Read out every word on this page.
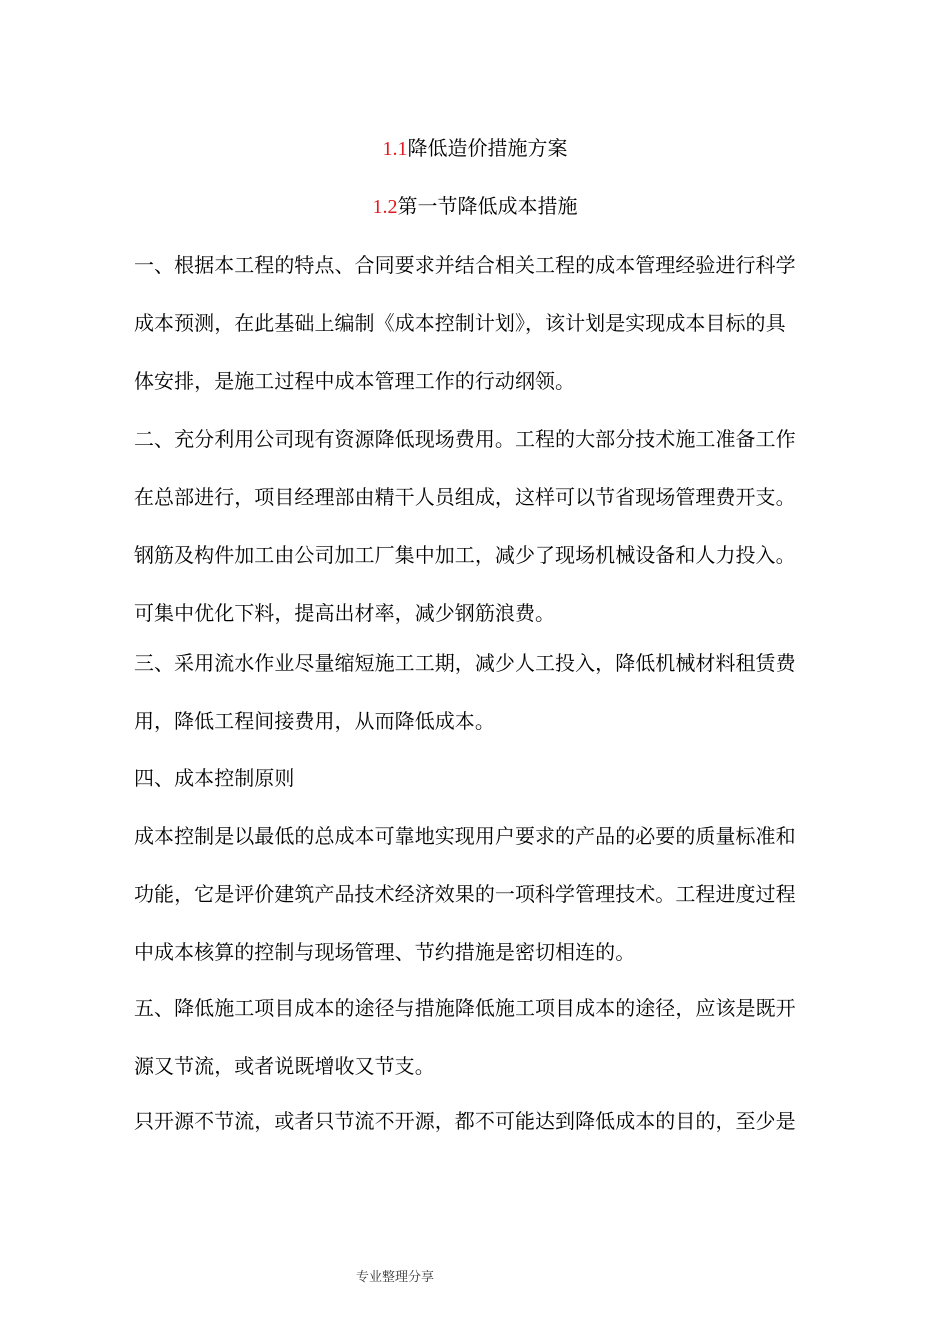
1.1降低造价措施方案
1.2第一节降低成本措施

一、根据本工程的特点、合同要求并结合相关工程的成本管理经验进行科学
成本预测，在此基础上编制《成本控制计划》，该计划是实现成本目标的具
体安排，是施工过程中成本管理工作的行动纲领。

二、充分利用公司现有资源降低现场费用。工程的大部分技术施工准备工作
在总部进行，项目经理部由精干人员组成，这样可以节省现场管理费开支。
钢筋及构件加工由公司加工厂集中加工，减少了现场机械设备和人力投入。
可集中优化下料，提高出材率，减少钢筋浪费。

三、采用流水作业尽量缩短施工工期，减少人工投入，降低机械材料租赁费
用，降低工程间接费用，从而降低成本。

四、成本控制原则

成本控制是以最低的总成本可靠地实现用户要求的产品的必要的质量标准和
功能，它是评价建筑产品技术经济效果的一项科学管理技术。工程进度过程
中成本核算的控制与现场管理、节约措施是密切相连的。

五、降低施工项目成本的途径与措施降低施工项目成本的途径，应该是既开
源又节流，或者说既增收又节支。

只开源不节流，或者只节流不开源，都不可能达到降低成本的目的，至少是

专业整理分享
